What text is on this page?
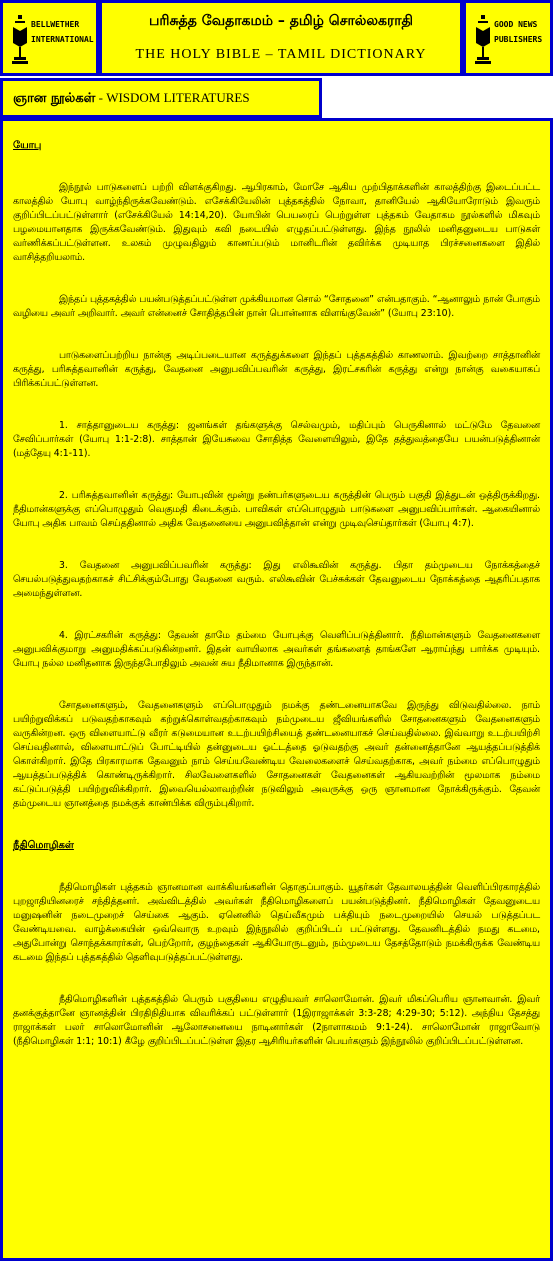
BELLWETHER
INTERNATIONAL
பரிசுத்த வேதாகமம் – தமிழ் சொல்லகராதி
THE HOLY BIBLE – TAMIL DICTIONARY
GOOD NEWS
PUBLISHERS
ஞான நூல்கள் - WISDOM LITERATURES

யோபு

இந்நூல் பாடுகளைப் பற்றி விளக்குகிறது. ஆபிரகாம், மோசே ஆகிய முற்பிதாக்களின் காலத்திற்கு இடைப்பட்ட காலத்தில் யோபு வாழ்ந்திருக்கவேண்டும். எசேக்கியேலின் புத்தகத்தில் நோவா, தானியேல் ஆகியோரோடும் இவரும் குறிப்பிடப்பட்டுள்ளார் (எசேக்கியேல் 14:14,20). யோபின் பெயரைப் பெற்றுள்ள புத்தகம் வேதாகம நூல்களில் மிகவும் பழமையானதாக இருக்கவேண்டும். இதுவும் கவி நடையில் எழுதப்பட்டுள்ளது. இந்த நூலில் மனிதனுடைய பாடுகள் வர்ணிக்கப்பட்டுள்ளன. உலகம் முழுவதிலும் காணப்படும் மானிடரின் தவிர்க்க முடியாத பிரச்சனைகளை இதில் வாசித்தறியலாம்.

இந்தப் புத்தகத்தில் பயன்படுத்தப்பட்டுள்ள முக்கியமான சொல் “சோதனை” என்பதாகும். “ஆனாலும் நான் போகும் வழியை அவர் அறிவார். அவர் என்னைச் சோதித்தபின் நான் பொன்னாக விளங்குவேன்” (யோபு 23:10).

பாடுகளைப்பற்றிய நான்கு அடிப்படையான கருத்துக்களை இந்தப் புத்தகத்தில் காணலாம். இவற்றை சாத்தானின் கருத்து, பரிசுத்தவானின் கருத்து, வேதனை அனுபவிப்பவரின் கருத்து, இரட்சகரின் கருத்து என்று நான்கு வகையாகப் பிரிக்கப்பட்டுள்ளன.

1. சாத்தானுடைய கருத்து: ஜனங்கள் தங்களுக்கு செல்வமும், மதிப்பும் பெருகினால் மட்டுமே தேவனை சேவிப்பார்கள் (யோபு 1:1-2:8). சாத்தான் இயேசுவை சோதித்த வேளையிலும், இதே தத்துவத்தையே பயன்படுத்தினான் (மத்தேயு 4:1-11).

2. பரிசுத்தவானின் கருத்து: யோபுவின் மூன்று நண்பர்களுடைய கருத்தின் பெரும் பகுதி இத்துடன் ஒத்திருக்கிறது. நீதிமான்களுக்கு எப்பொழுதும் வெகுமதி கிடைக்கும். பாவிகள் எப்பொழுதும் பாடுகளை அனுபவிப்பார்கள். ஆகையினால் யோபு அதிக பாவம் செய்ததினால் அதிக வேதனையை அனுபவித்தான் என்று முடிவுசெய்தார்கள் (யோபு 4:7).

3. வேதனை அனுபவிப்பவரின் கருத்து: இது எலிகூவின் கருத்து. பிதா தம்முடைய நோக்கத்தைச் செயல்படுத்துவதற்காகச் சிட்சிக்கும்போது வேதனை வரும். எலிகூவின் பேச்சுக்கள் தேவனுடைய நோக்கத்தை ஆதரிப்பதாக அமைந்துள்ளன.

4. இரட்சகரின் கருத்து: தேவன் தாமே தம்மை யோபுக்கு வெளிப்படுத்தினார். நீதிமான்களும் வேதனைகளை அனுபவிக்குமாறு அனுமதிக்கப்படுகின்றனர். இதன் வாயிலாக அவர்கள் தங்களைத் தாங்களே ஆராய்ந்து பார்க்க முடியும். யோபு நல்ல மனிதனாக இருந்தபோதிலும் அவன் சுய நீதிமானாக இருந்தான்.

சோதனைகளும், வேதனைகளும் எப்பொழுதும் நமக்கு தண்டனையாகவே இருந்து விடுவதில்லை. நாம் பயிற்றுவிக்கப் படுவதற்காகவும் கற்றுக்கொள்வதற்காகவும் நம்முடைய ஜீவியங்களில் சோதனைகளும் வேதனைகளும் வருகின்றன. ஒரு விளையாட்டு வீரர் கடுமையான உடற்பயிற்சியைத் தண்டனையாகச் செய்வதில்லை. இவ்வாறு உடற்பயிற்சி செய்வதினால், விளையாட்டுப் போட்டியில் தன்னுடைய ஓட்டத்தை ஓடுவதற்கு அவர் தன்னைத்தானே ஆயத்தப்படுத்திக் கொள்கிறார். இதே பிரகாரமாக தேவனும் நாம் செய்யவேண்டிய வேலைகளைச் செய்வதற்காக, அவர் நம்மை எப்பொழுதும் ஆயத்தப்படுத்திக் கொண்டிருக்கிறார். சிலவேளைகளில் சோதனைகள் வேதனைகள் ஆகியவற்றின் மூலமாக நம்மை கட்டுப்படுத்தி பயிற்றுவிக்கிறார். இவையெல்லாவற்றின் நடுவிலும் அவருக்கு ஒரு ஞானமான நோக்கிருக்கும். தேவன் தம்முடைய ஞானத்தை நமக்குக் காண்பிக்க விரும்புகிறார்.

நீதிமொழிகள்

நீதிமொழிகள் புத்தகம் ஞானமான வாக்கியங்களின் தொகுப்பாகும். யூதர்கள் தேவாலயத்தின் வெளிப்பிரகாரத்தில் புறஜாதியினரைச் சந்தித்தனர். அவ்விடத்தில் அவர்கள் நீதிமொழிகளைப் பயன்படுத்தினர். நீதிமொழிகள் தேவனுடைய மனுஷனின் நடைமுறைச் செய்கை ஆகும். ஏனெனில் தெய்வீகமும் பக்தியும் நடைமுறையில் செயல் படுத்தப்பட வேண்டியவை. வாழ்க்கையின் ஒவ்வொரு உறவும் இந்நூலில் குறிப்பிடப் பட்டுள்ளது. தேவனிடத்தில் நமது கடமை, அதுபோன்று சொந்தக்காரர்கள், பெற்றோர், குழந்தைகள் ஆகியோருடனும், நம்முடைய தேசத்தோடும் நமக்கிருக்க வேண்டிய கடமை இந்தப் புத்தகத்தில் தெளிவுபடுத்தப்பட்டுள்ளது.

நீதிமொழிகளின் புத்தகத்தில் பெரும் பகுதியை எழுதியவர் சாலொமோன். இவர் மிகப்பெரிய ஞானவான். இவர் தனக்குத்தானே ஞானத்தின் பிரதிநிதியாக விவரிக்கப் பட்டுள்ளார் (1இராஜாக்கள் 3:3-28; 4:29-30; 5:12). அந்நிய தேசத்து ராஜாக்கள் பலர் சாலொமோனின் ஆலோசனையை நாடினார்கள் (2நாளாகமம் 9:1-24). சாலொமோன் ராஜாவோடு (நீதிமொழிகள் 1:1; 10:1) கீழே குறிப்பிடப்பட்டுள்ள இதர ஆசிரியர்களின் பெயர்களும் இந்நூலில் குறிப்பிடப்பட்டுள்ளன.
